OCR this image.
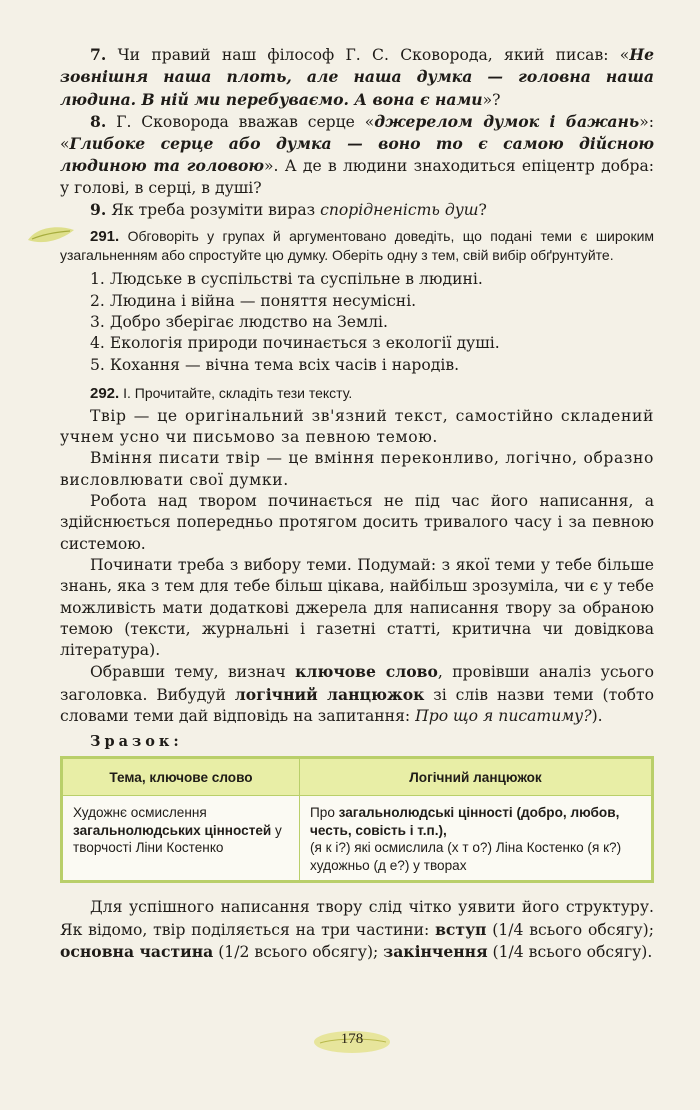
7. Чи правий наш філософ Г. С. Сковорода, який писав: «Не зовнішня наша плоть, але наша думка — головна наша людина. В ній ми перебуваємо. А вона є нами»?

8. Г. Сковорода вважав серце «джерелом думок і бажань»: «Глибоке серце або думка — воно то є самою дійсною людиною та головою». А де в людини знаходиться епіцентр добра: у голові, в серці, в душі?

9. Як треба розуміти вираз спорідненість душ?

291. Обговоріть у групах й аргументовано доведіть, що подані теми є широким узагальненням або спростуйте цю думку. Оберіть одну з тем, свій вибір обґрунтуйте.

1. Людське в суспільстві та суспільне в людині.
2. Людина і війна — поняття несумісні.
3. Добро зберігає людство на Землі.
4. Екологія природи починається з екології душі.
5. Кохання — вічна тема всіх часів і народів.

292. І. Прочитайте, складіть тези тексту.

Твір — це оригінальний зв'язний текст, самостійно складений учнем усно чи письмово за певною темою.

Вміння писати твір — це вміння переконливо, логічно, образно висловлювати свої думки.

Робота над твором починається не під час його написання, а здійснюється попередньо протягом досить тривалого часу і за певною системою.

Починати треба з вибору теми. Подумай: з якої теми у тебе більше знань, яка з тем для тебе більш цікава, найбільш зрозуміла, чи є у тебе можливість мати додаткові джерела для написання твору за обраною темою (тексти, журнальні і газетні статті, критична чи довідкова література).

Обравши тему, визнач ключове слово, провівши аналіз усього заголовка. Вибудуй логічний ланцюжок зі слів назви теми (тобто словами теми дай відповідь на запитання: Про що я писатиму?).

Зразок:
Тема, ключове слово	Логічний ланцюжок
Художнє осмислення загальнолюдських цінностей у творчості Ліни Костенко	Про загальнолюдські цінності (добро, любов, честь, совість і т.п.),
(я к і?) які осмислила (х т о?) Ліна Костенко (я к?) художньо (д е?) у творах

Для успішного написання твору слід чітко уявити його структуру. Як відомо, твір поділяється на три частини: вступ (1/4 всього обсягу); основна частина (1/2 всього обсягу); закінчення (1/4 всього обсягу).

178
